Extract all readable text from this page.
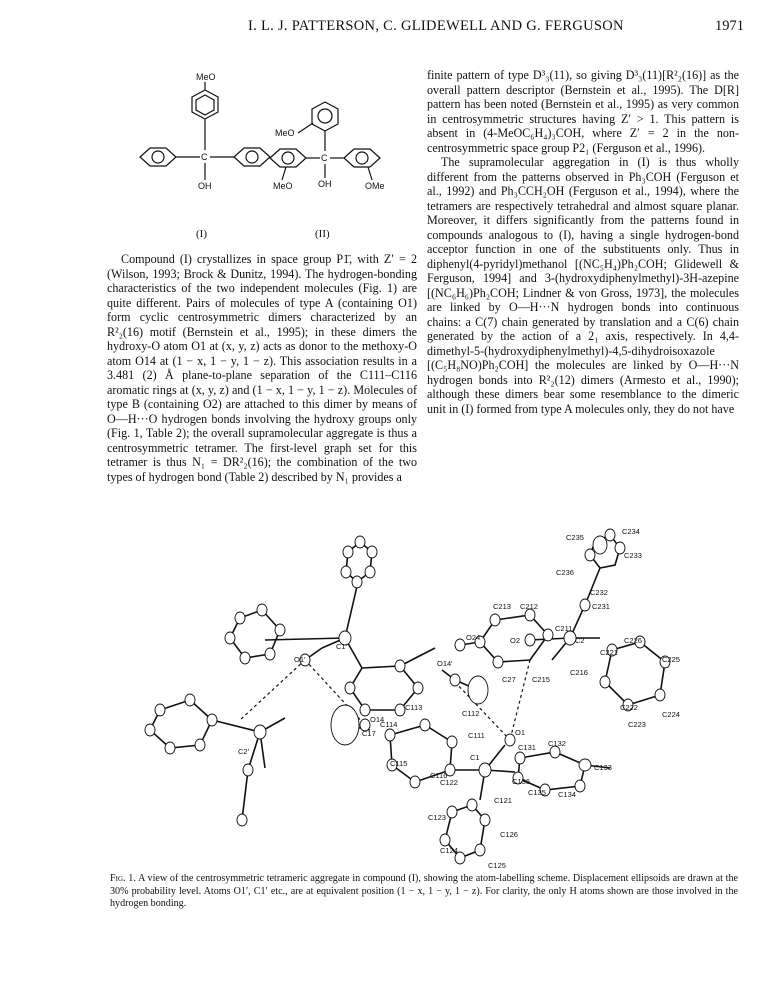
I. L. J. PATTERSON, C. GLIDEWELL AND G. FERGUSON	1971
MeO
C
OH
(I)
MeO
C
MeO	OH	OMe
(II)

Compound (I) crystallizes in space group P1̄, with Z′ = 2 (Wilson, 1993; Brock & Dunitz, 1994). The hydrogen-bonding characteristics of the two independent molecules (Fig. 1) are quite different. Pairs of molecules of type A (containing O1) form cyclic centrosymmetric dimers characterized by an R²₂(16) motif (Bernstein et al., 1995); in these dimers the hydroxy-O atom O1 at (x, y, z) acts as donor to the methoxy-O atom O14 at (1 − x, 1 − y, 1 − z). This association results in a 3.481 (2) Å plane-to-plane separation of the C111–C116 aromatic rings at (x, y, z) and (1 − x, 1 − y, 1 − z). Molecules of type B (containing O2) are attached to this dimer by means of O—H···O hydrogen bonds involving the hydroxy groups only (Fig. 1, Table 2); the overall supramolecular aggregate is thus a centrosymmetric tetramer. The first-level graph set for this tetramer is thus N₁ = DR²₂(16); the combination of the two types of hydrogen bond (Table 2) described by N₁ provides a

finite pattern of type D³₃(11), so giving D³₃(11)[R²₂(16)] as the overall pattern descriptor (Bernstein et al., 1995). The D[R] pattern has been noted (Bernstein et al., 1995) as very common in centrosymmetric structures having Z′ > 1. This pattern is absent in (4-MeOC₆H₄)₃COH, where Z′ = 2 in the non-centrosymmetric space group P2₁ (Ferguson et al., 1996).

The supramolecular aggregation in (I) is thus wholly different from the patterns observed in Ph₃COH (Ferguson et al., 1992) and Ph₃CCH₂OH (Ferguson et al., 1994), where the tetramers are respectively tetrahedral and almost square planar. Moreover, it differs significantly from the patterns found in compounds analogous to (I), having a single hydrogen-bond acceptor function in one of the substituents only. Thus in diphenyl(4-pyridyl)methanol [(NC₅H₄)Ph₂COH; Glidewell & Ferguson, 1994] and 3-(hydroxydiphenylmethyl)-3H-azepine [(NC₆H₆)Ph₂COH; Lindner & von Gross, 1973], the molecules are linked by O—H···N hydrogen bonds into continuous chains: a C(7) chain generated by translation and a C(6) chain generated by the action of a 2₁ axis, respectively. In 4,4-dimethyl-5-(hydroxydiphenylmethyl)-4,5-dihydroisoxazole [(C₅H₈NO)Ph₂COH] the molecules are linked by O—H···N hydrogen bonds into R²₂(12) dimers (Armesto et al., 1990); although these dimers bear some resemblance to the dimeric unit in (I) formed from type A molecules only, they do not have

C235
C234
C233
C236
C232
C231
C213 C212
C211
C2	C226
C221
C225
O24	O2
C1′
O1′	O14′
C27 C215
C216
C222
C224
C223
O14
C113
C112
C114
O1
C17	C111
C2′
C1
C131 C132
C115	C133
C116
C122	C136
C135 C134
C121
C123
C126
C124
C125
Fig. 1. A view of the centrosymmetric tetrameric aggregate in compound (I), showing the atom-labelling scheme. Displacement ellipsoids are drawn at the 30% probability level. Atoms O1′, C1′ etc., are at equivalent position (1 − x, 1 − y, 1 − z). For clarity, the only H atoms shown are those involved in the hydrogen bonding.
